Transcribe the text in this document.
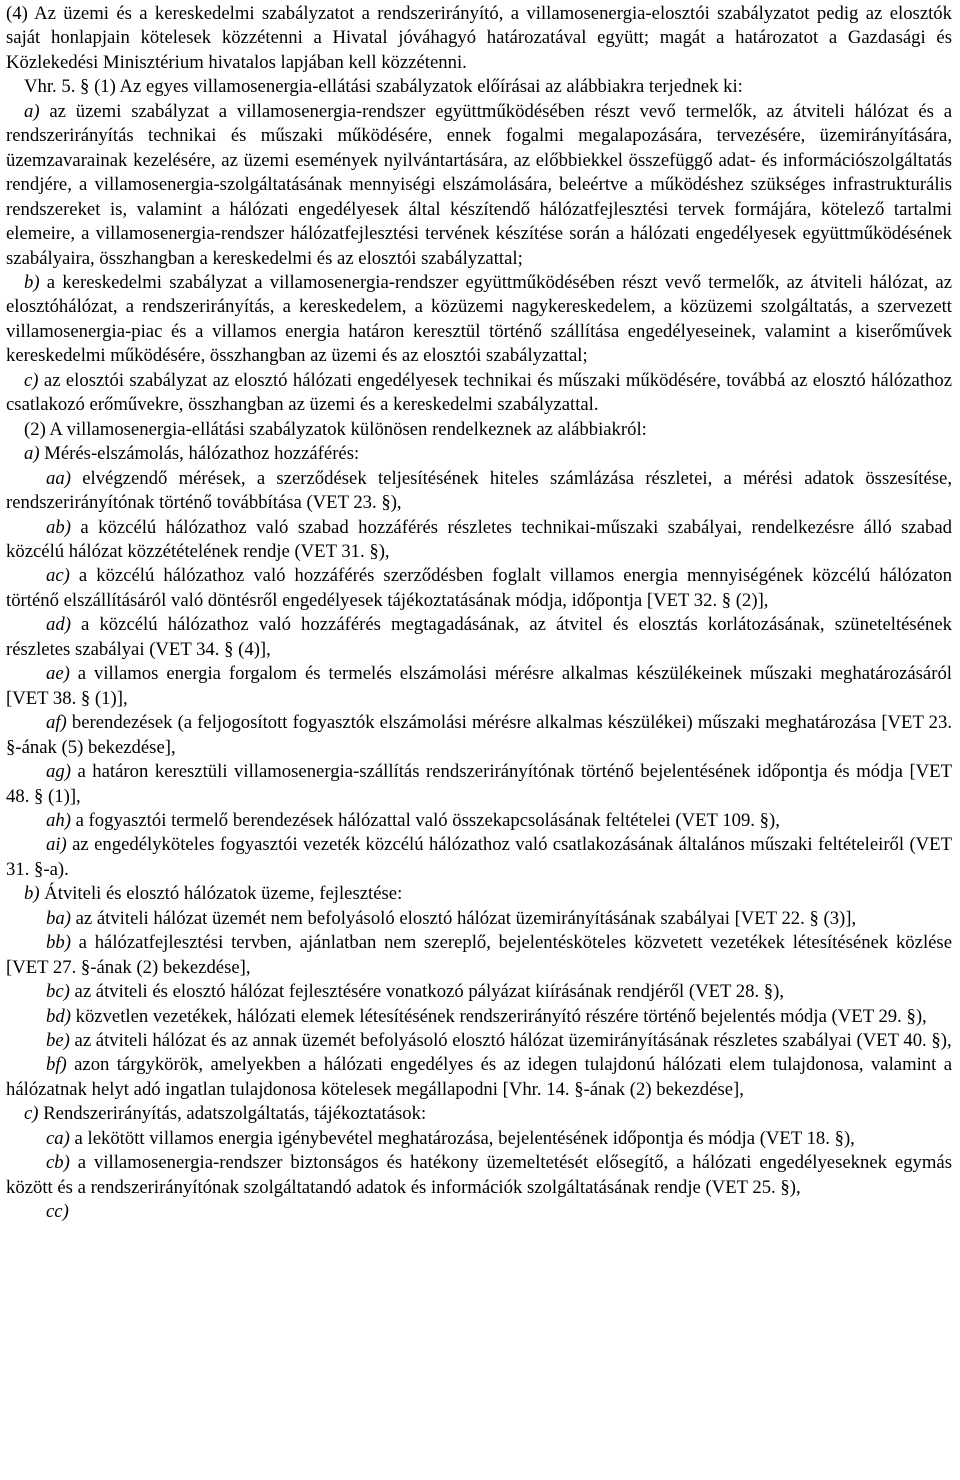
(4) Az üzemi és a kereskedelmi szabályzatot a rendszerirányító, a villamosenergia-elosztói szabályzatot pedig az elosztók saját honlapjain kötelesek közzétenni a Hivatal jóváhagyó határozatával együtt; magát a határozatot a Gazdasági és Közlekedési Minisztérium hivatalos lapjában kell közzétenni.

Vhr. 5. § (1) Az egyes villamosenergia-ellátási szabályzatok előírásai az alábbiakra terjednek ki:

a) az üzemi szabályzat a villamosenergia-rendszer együttműködésében részt vevő termelők, az átviteli hálózat és a rendszerirányítás technikai és műszaki működésére, ennek fogalmi megalapozására, tervezésére, üzemirányítására, üzemzavarainak kezelésére, az üzemi események nyilvántartására, az előbbiekkel összefüggő adat- és információszolgáltatás rendjére, a villamosenergia-szolgáltatásának mennyiségi elszámolására, beleértve a működéshez szükséges infrastrukturális rendszereket is, valamint a hálózati engedélyesek által készítendő hálózatfejlesztési tervek formájára, kötelező tartalmi elemeire, a villamosenergia-rendszer hálózatfejlesztési tervének készítése során a hálózati engedélyesek együttműködésének szabályaira, összhangban a kereskedelmi és az elosztói szabályzattal;

b) a kereskedelmi szabályzat a villamosenergia-rendszer együttműködésében részt vevő termelők, az átviteli hálózat, az elosztóhálózat, a rendszerirányítás, a kereskedelem, a közüzemi nagykereskedelem, a közüzemi szolgáltatás, a szervezett villamosenergia-piac és a villamos energia határon keresztül történő szállítása engedélyeseinek, valamint a kiserőművek kereskedelmi működésére, összhangban az üzemi és az elosztói szabályzattal;

c) az elosztói szabályzat az elosztó hálózati engedélyesek technikai és műszaki működésére, továbbá az elosztó hálózathoz csatlakozó erőművekre, összhangban az üzemi és a kereskedelmi szabályzattal.

(2) A villamosenergia-ellátási szabályzatok különösen rendelkeznek az alábbiakról:

a) Mérés-elszámolás, hálózathoz hozzáférés:

aa) elvégzendő mérések, a szerződések teljesítésének hiteles számlázása részletei, a mérési adatok összesítése, rendszerirányítónak történő továbbítása (VET 23. §),

ab) a közcélú hálózathoz való szabad hozzáférés részletes technikai-műszaki szabályai, rendelkezésre álló szabad közcélú hálózat közzétételének rendje (VET 31. §),

ac) a közcélú hálózathoz való hozzáférés szerződésben foglalt villamos energia mennyiségének közcélú hálózaton történő elszállításáról való döntésről engedélyesek tájékoztatásának módja, időpontja [VET 32. § (2)],

ad) a közcélú hálózathoz való hozzáférés megtagadásának, az átvitel és elosztás korlátozásának, szüneteltésének részletes szabályai (VET 34. § (4)],

ae) a villamos energia forgalom és termelés elszámolási mérésre alkalmas készülékeinek műszaki meghatározásáról [VET 38. § (1)],

af) berendezések (a feljogosított fogyasztók elszámolási mérésre alkalmas készülékei) műszaki meghatározása [VET 23. §-ának (5) bekezdése],

ag) a határon keresztüli villamosenergia-szállítás rendszerirányítónak történő bejelentésének időpontja és módja [VET 48. § (1)],

ah) a fogyasztói termelő berendezések hálózattal való összekapcsolásának feltételei (VET 109. §),

ai) az engedélyköteles fogyasztói vezeték közcélú hálózathoz való csatlakozásának általános műszaki feltételeiről (VET 31. §-a).

b) Átviteli és elosztó hálózatok üzeme, fejlesztése:

ba) az átviteli hálózat üzemét nem befolyásoló elosztó hálózat üzemirányításának szabályai [VET 22. § (3)],

bb) a hálózatfejlesztési tervben, ajánlatban nem szereplő, bejelentésköteles közvetett vezetékek létesítésének közlése [VET 27. §-ának (2) bekezdése],

bc) az átviteli és elosztó hálózat fejlesztésére vonatkozó pályázat kiírásának rendjéről (VET 28. §),

bd) közvetlen vezetékek, hálózati elemek létesítésének rendszerirányító részére történő bejelentés módja (VET 29. §),

be) az átviteli hálózat és az annak üzemét befolyásoló elosztó hálózat üzemirányításának részletes szabályai (VET 40. §),

bf) azon tárgykörök, amelyekben a hálózati engedélyes és az idegen tulajdonú hálózati elem tulajdonosa, valamint a hálózatnak helyt adó ingatlan tulajdonosa kötelesek megállapodni [Vhr. 14. §-ának (2) bekezdése],

c) Rendszerirányítás, adatszolgáltatás, tájékoztatások:

ca) a lekötött villamos energia igénybevétel meghatározása, bejelentésének időpontja és módja (VET 18. §),

cb) a villamosenergia-rendszer biztonságos és hatékony üzemeltetését elősegítő, a hálózati engedélyeseknek egymás között és a rendszerirányítónak szolgáltatandó adatok és információk szolgáltatásának rendje (VET 25. §),

cc)
